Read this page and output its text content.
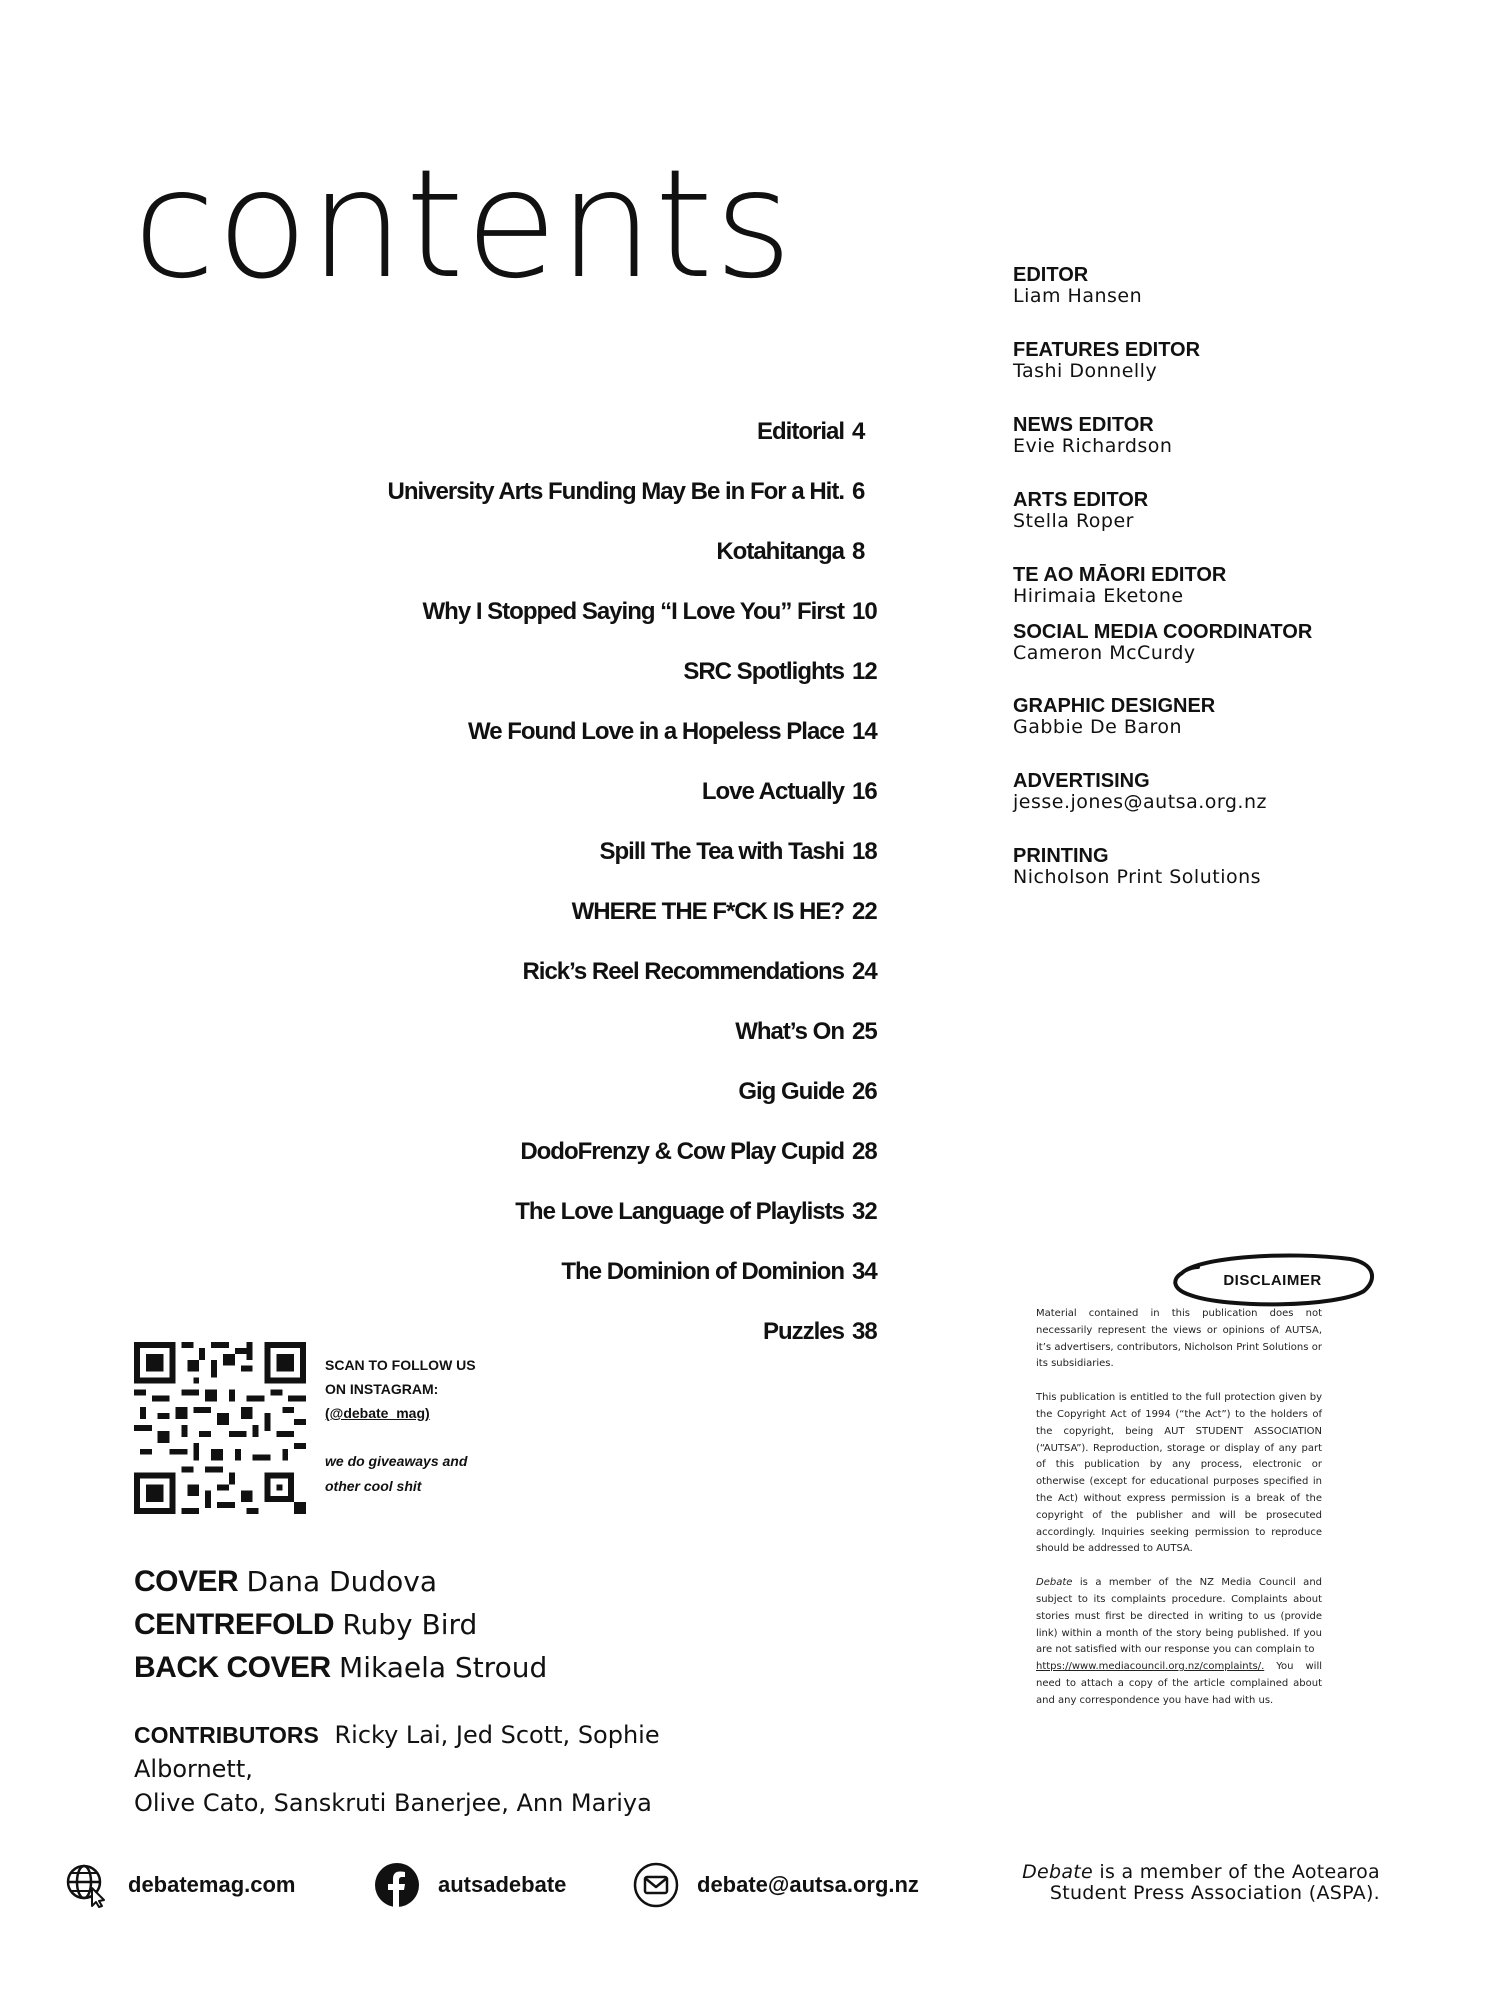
contents
Editorial 4
University Arts Funding May Be in For a Hit. 6
Kotahitanga 8
Why I Stopped Saying “I Love You” First 10
SRC Spotlights 12
We Found Love in a Hopeless Place 14
Love Actually 16
Spill The Tea with Tashi 18
WHERE THE F*CK IS HE? 22
Rick’s Reel Recommendations 24
What’s On 25
Gig Guide 26
DodoFrenzy & Cow Play Cupid 28
The Love Language of Playlists 32
The Dominion of Dominion 34
Puzzles 38
EDITOR
Liam Hansen
FEATURES EDITOR
Tashi Donnelly
NEWS EDITOR
Evie Richardson
ARTS EDITOR
Stella Roper
TE AO MĀORI EDITOR
Hirimaia Eketone
SOCIAL MEDIA COORDINATOR
Cameron McCurdy
GRAPHIC DESIGNER
Gabbie De Baron
ADVERTISING
jesse.jones@autsa.org.nz
PRINTING
Nicholson Print Solutions
SCAN TO FOLLOW US
ON INSTAGRAM:
(@debate_mag)
we do giveaways and
other cool shit
COVER Dana Dudova
CENTREFOLD Ruby Bird
BACK COVER Mikaela Stroud
CONTRIBUTORS Ricky Lai, Jed Scott, Sophie Albornett,
Olive Cato, Sanskruti Banerjee, Ann Mariya
DISCLAIMER

Material contained in this publication does not necessarily represent the views or opinions of AUTSA, it’s advertisers, contributors, Nicholson Print Solutions or its subsidiaries.

This publication is entitled to the full protection given by the Copyright Act of 1994 (“the Act”) to the holders of the copyright, being AUT STUDENT ASSOCIATION (“AUTSA”). Reproduction, storage or display of any part of this publication by any process, electronic or otherwise (except for educational purposes specified in the Act) without express permission is a break of the copyright of the publisher and will be prosecuted accordingly. Inquiries seeking permission to reproduce should be addressed to AUTSA.

Debate is a member of the NZ Media Council and subject to its complaints procedure. Complaints about stories must first be directed in writing to us (provide link) within a month of the story being published. If you are not satisfied with our response you can complain to
https://www.mediacouncil.org.nz/complaints/. You will need to attach a copy of the article complained about and any correspondence you have had with us.

debatemag.com	autsadebate	debate@autsa.org.nz	Debate is a member of the Aotearoa
Student Press Association (ASPA).
